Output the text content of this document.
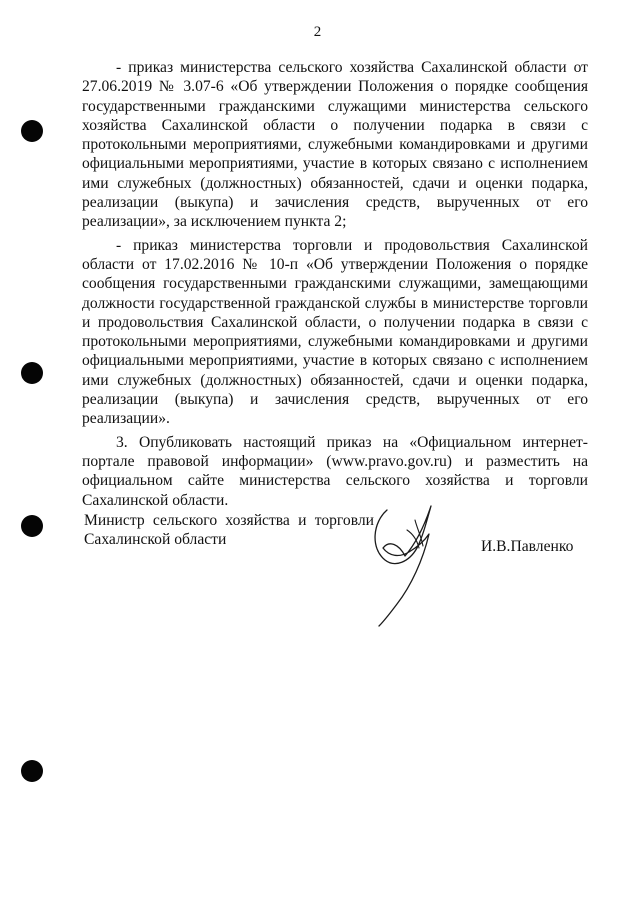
2

- приказ министерства сельского хозяйства Сахалинской области от 27.06.2019 № 3.07-6 «Об утверждении Положения о порядке сообщения государственными гражданскими служащими министерства сельского хозяйства Сахалинской области о получении подарка в связи с протокольными мероприятиями, служебными командировками и другими официальными мероприятиями, участие в которых связано с исполнением ими служебных (должностных) обязанностей, сдачи и оценки подарка, реализации (выкупа) и зачисления средств, вырученных от его реализации», за исключением пункта 2;

- приказ министерства торговли и продовольствия Сахалинской области от 17.02.2016 № 10-п «Об утверждении Положения о порядке сообщения государственными гражданскими служащими, замещающими должности государственной гражданской службы в министерстве торговли и продовольствия Сахалинской области, о получении подарка в связи с протокольными мероприятиями, служебными командировками и другими официальными мероприятиями, участие в которых связано с исполнением ими служебных (должностных) обязанностей, сдачи и оценки подарка, реализации (выкупа) и зачисления средств, вырученных от его реализации».

3. Опубликовать настоящий приказ на «Официальном интернет-портале правовой информации» (www.pravo.gov.ru) и разместить на официальном сайте министерства сельского хозяйства и торговли Сахалинской области.

Министр сельского хозяйства и торговли
Сахалинской области	И.В.Павленко
